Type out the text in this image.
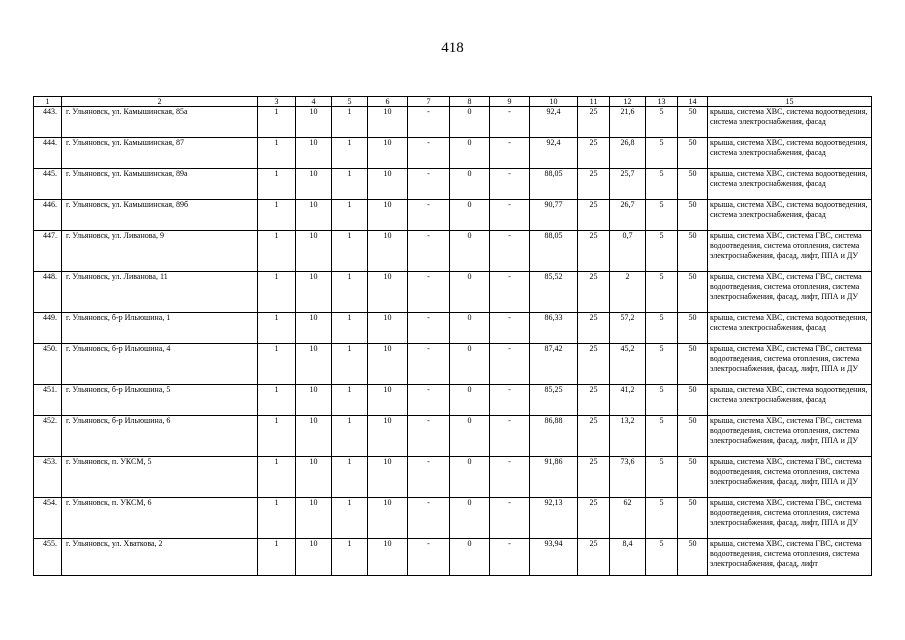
418
1	2	3	4	5	6	7	8	9	10	11	12	13	14	15
443.	г. Ульяновск, ул. Камышинская, 85а	1	10	1	10	-	0	-	92,4	25	21,6	5	50	крыша, система ХВС, система водоотведения, система электроснабжения, фасад
444.	г. Ульяновск, ул. Камышинская, 87	1	10	1	10	-	0	-	92,4	25	26,8	5	50	крыша, система ХВС, система водоотведения, система электроснабжения, фасад
445.	г. Ульяновск, ул. Камышинская, 89а	1	10	1	10	-	0	-	88,05	25	25,7	5	50	крыша, система ХВС, система водоотведения, система электроснабжения, фасад
446.	г. Ульяновск, ул. Камышинская, 89б	1	10	1	10	-	0	-	90,77	25	26,7	5	50	крыша, система ХВС, система водоотведения, система электроснабжения, фасад
447.	г. Ульяновск, ул. Ливанова, 9	1	10	1	10	-	0	-	88,05	25	0,7	5	50	крыша, система ХВС, система ГВС, система водоотведения, система отопления, система электроснабжения, фасад, лифт, ППА и ДУ
448.	г. Ульяновск, ул. Ливанова, 11	1	10	1	10	-	0	-	85,52	25	2	5	50	крыша, система ХВС, система ГВС, система водоотведения, система отопления, система электроснабжения, фасад, лифт, ППА и ДУ
449.	г. Ульяновск, б-р Ильюшина, 1	1	10	1	10	-	0	-	86,33	25	57,2	5	50	крыша, система ХВС, система водоотведения, система электроснабжения, фасад
450.	г. Ульяновск, б-р Ильюшина, 4	1	10	1	10	-	0	-	87,42	25	45,2	5	50	крыша, система ХВС, система ГВС, система водоотведения, система отопления, система электроснабжения, фасад, лифт, ППА и ДУ
451.	г. Ульяновск, б-р Ильюшина, 5	1	10	1	10	-	0	-	85,25	25	41,2	5	50	крыша, система ХВС, система водоотведения, система электроснабжения, фасад
452.	г. Ульяновск, б-р Ильюшина, 6	1	10	1	10	-	0	-	86,88	25	13,2	5	50	крыша, система ХВС, система ГВС, система водоотведения, система отопления, система электроснабжения, фасад, лифт, ППА и ДУ
453.	г. Ульяновск, п. УКСМ, 5	1	10	1	10	-	0	-	91,86	25	73,6	5	50	крыша, система ХВС, система ГВС, система водоотведения, система отопления, система электроснабжения, фасад, лифт, ППА и ДУ
454.	г. Ульяновск, п. УКСМ, 6	1	10	1	10	-	0	-	92,13	25	62	5	50	крыша, система ХВС, система ГВС, система водоотведения, система отопления, система электроснабжения, фасад, лифт, ППА и ДУ
455.	г. Ульяновск, ул. Хваткова, 2	1	10	1	10	-	0	-	93,94	25	8,4	5	50	крыша, система ХВС, система ГВС, система водоотведения, система отопления, система электроснабжения, фасад, лифт
